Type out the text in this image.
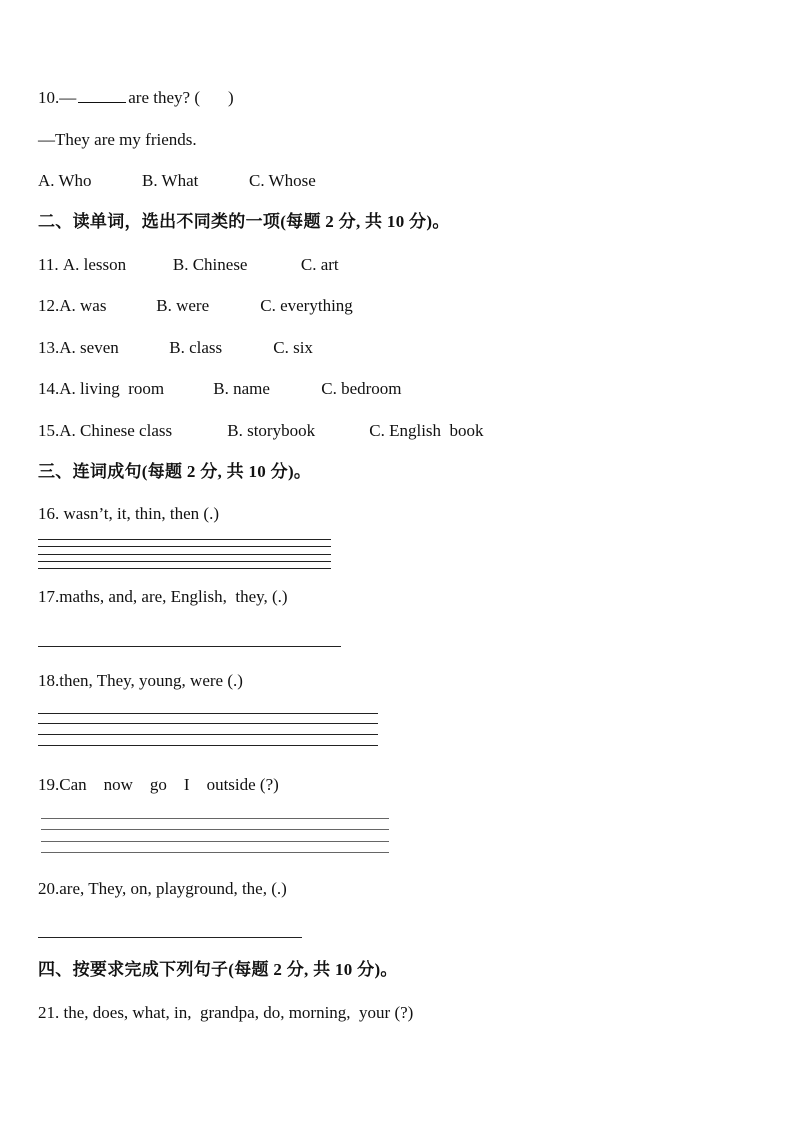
10.—	are they? ( )
—They are my friends.
A. Who	B. What	C. Whose
二、读单词，选出不同类的一项(每题 2 分, 共 10 分)。
11. A. lesson	B. Chinese	C. art
12.A. was	B. were	C. everything
13.A. seven	B. class	C. six
14.A. living  room	B. name	C. bedroom
15.A. Chinese class	B. storybook	C. English  book
三、连词成句(每题 2 分, 共 10 分)。
16. wasn’t, it, thin, then (.)
17.maths, and, are, English,  they, (.)
18.then, They, young, were (.)
19.Can    now    go    I    outside (?)
20.are, They, on, playground, the, (.)
四、按要求完成下列句子(每题 2 分, 共 10 分)。
21. the, does, what, in,  grandpa, do, morning,  your (?)
